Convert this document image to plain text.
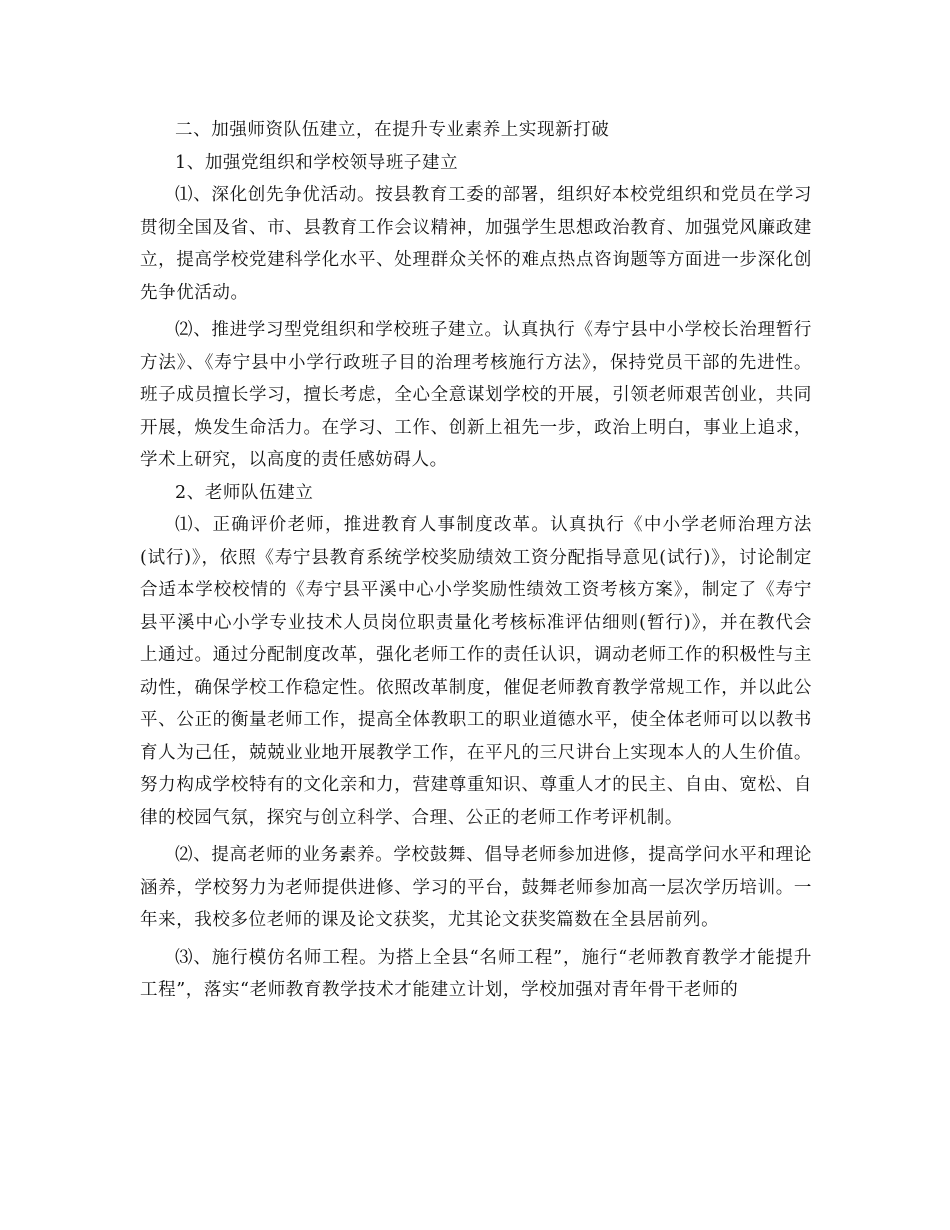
二、加强师资队伍建立，在提升专业素养上实现新打破

1、加强党组织和学校领导班子建立

⑴、深化创先争优活动。按县教育工委的部署，组织好本校党组织和党员在学习贯彻全国及省、市、县教育工作会议精神，加强学生思想政治教育、加强党风廉政建立，提高学校党建科学化水平、处理群众关怀的难点热点咨询题等方面进一步深化创先争优活动。

⑵、推进学习型党组织和学校班子建立。认真执行《寿宁县中小学校长治理暂行方法》、《寿宁县中小学行政班子目的治理考核施行方法》，保持党员干部的先进性。班子成员擅长学习，擅长考虑，全心全意谋划学校的开展，引领老师艰苦创业，共同开展，焕发生命活力。在学习、工作、创新上祖先一步，政治上明白，事业上追求，学术上研究，以高度的责任感妨碍人。

2、老师队伍建立

⑴、正确评价老师，推进教育人事制度改革。认真执行《中小学老师治理方法(试行)》，依照《寿宁县教育系统学校奖励绩效工资分配指导意见(试行)》，讨论制定合适本学校校情的《寿宁县平溪中心小学奖励性绩效工资考核方案》，制定了《寿宁县平溪中心小学专业技术人员岗位职责量化考核标准评估细则(暂行)》，并在教代会上通过。通过分配制度改革，强化老师工作的责任认识，调动老师工作的积极性与主动性，确保学校工作稳定性。依照改革制度，催促老师教育教学常规工作，并以此公平、公正的衡量老师工作，提高全体教职工的职业道德水平，使全体老师可以以教书育人为己任，兢兢业业地开展教学工作，在平凡的三尺讲台上实现本人的人生价值。努力构成学校特有的文化亲和力，营建尊重知识、尊重人才的民主、自由、宽松、自律的校园气氛，探究与创立科学、合理、公正的老师工作考评机制。

⑵、提高老师的业务素养。学校鼓舞、倡导老师参加进修，提高学问水平和理论涵养，学校努力为老师提供进修、学习的平台，鼓舞老师参加高一层次学历培训。一年来，我校多位老师的课及论文获奖，尤其论文获奖篇数在全县居前列。

⑶、施行模仿名师工程。为搭上全县“名师工程”，施行“老师教育教学才能提升工程”，落实“老师教育教学技术才能建立计划，学校加强对青年骨干老师的
